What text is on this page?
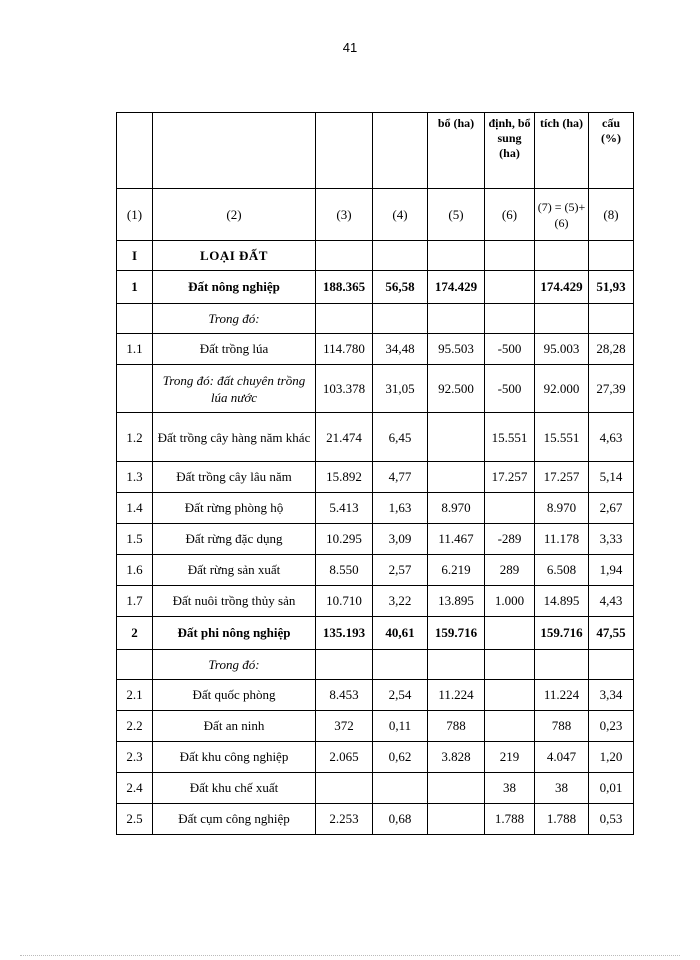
41
				bổ (ha)	định, bổ sung (ha)	tích (ha)	cấu (%)
(1)	(2)	(3)	(4)	(5)	(6)	(7) = (5)+(6)	(8)
I	LOẠI ĐẤT						
1	Đất nông nghiệp	188.365	56,58	174.429		174.429	51,93
	Trong đó:						
1.1	Đất trồng lúa	114.780	34,48	95.503	-500	95.003	28,28
	Trong đó: đất chuyên trồng lúa nước	103.378	31,05	92.500	-500	92.000	27,39
1.2	Đất trồng cây hàng năm khác	21.474	6,45		15.551	15.551	4,63
1.3	Đất trồng cây lâu năm	15.892	4,77		17.257	17.257	5,14
1.4	Đất rừng phòng hộ	5.413	1,63	8.970		8.970	2,67
1.5	Đất rừng đặc dụng	10.295	3,09	11.467	-289	11.178	3,33
1.6	Đất rừng sản xuất	8.550	2,57	6.219	289	6.508	1,94
1.7	Đất nuôi trồng thủy sản	10.710	3,22	13.895	1.000	14.895	4,43
2	Đất phi nông nghiệp	135.193	40,61	159.716		159.716	47,55
	Trong đó:						
2.1	Đất quốc phòng	8.453	2,54	11.224		11.224	3,34
2.2	Đất an ninh	372	0,11	788		788	0,23
2.3	Đất khu công nghiệp	2.065	0,62	3.828	219	4.047	1,20
2.4	Đất khu chế xuất				38	38	0,01
2.5	Đất cụm công nghiệp	2.253	0,68		1.788	1.788	0,53
